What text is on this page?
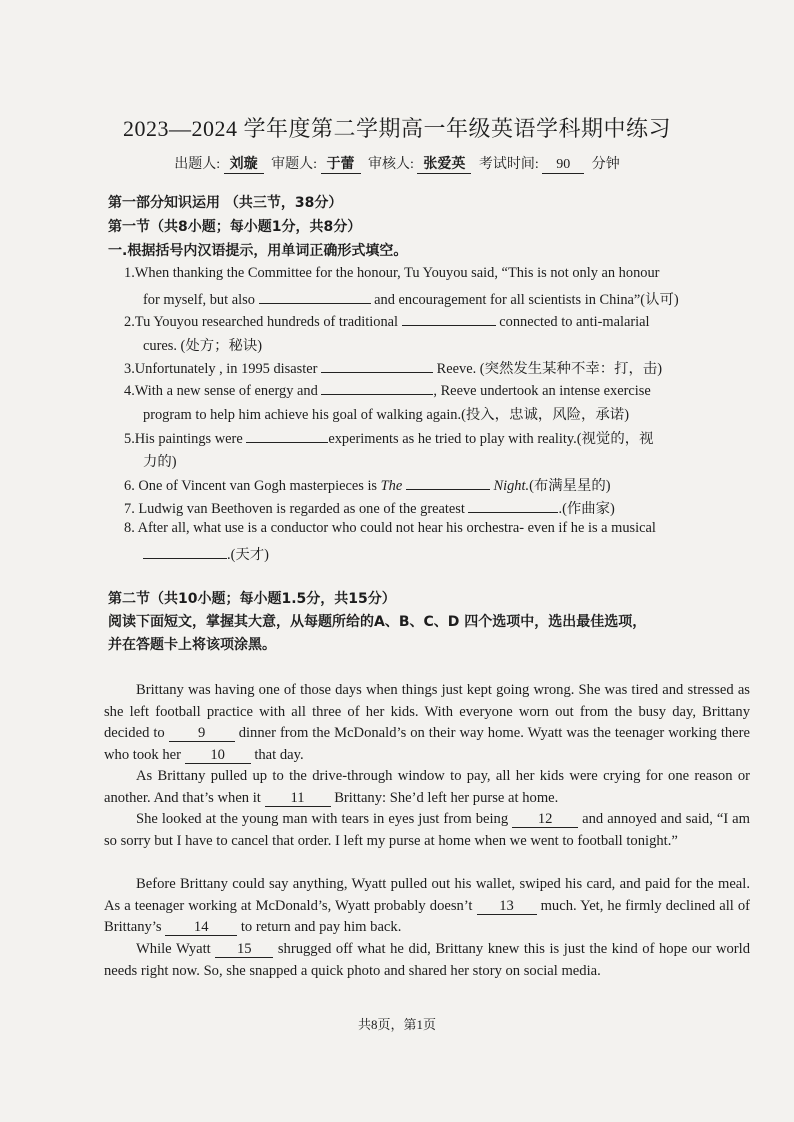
2023—2024 学年度第二学期高一年级英语学科期中练习
出题人: 刘璇 审题人: 于蕾 审核人: 张爱英 考试时间: 90 分钟
第一部分知识运用 （共三节，38分）
第一节（共8小题；每小题1分，共8分）
一.根据括号内汉语提示，用单词正确形式填空。
1.When thanking the Committee for the honour, Tu Youyou said, “This is not only an honour
for myself, but also	and encouragement for all scientists in China”(认可)
2.Tu Youyou researched hundreds of traditional	connected to anti-malarial
cures. (处方；秘诀)
3.Unfortunately , in 1995 disaster	Reeve. (突然发生某种不幸：打，击)
4.With a new sense of energy and	, Reeve undertook an intense exercise
program to help him achieve his goal of walking again.(投入，忠诚，风险，承诺)
5.His paintings were	experiments as he tried to play with reality.(视觉的，视
力的)
6. One of Vincent van Gogh masterpieces is The	Night.(布满星星的)
7. Ludwig van Beethoven is regarded as one of the greatest	.(作曲家)
8. After all, what use is a conductor who could not hear his orchestra- even if he is a musical
.(天才)
第二节（共10小题；每小题1.5分，共15分）
阅读下面短文，掌握其大意，从每题所给的A、B、C、D 四个选项中，选出最佳选项，
并在答题卡上将该项涂黑。
Brittany was having one of those days when things just kept going wrong. She was tired and stressed as she left football practice with all three of her kids. With everyone worn out from the busy day, Brittany decided to 9 dinner from the McDonald’s on their way home. Wyatt was the teenager working there who took her 10 that day.
As Brittany pulled up to the drive-through window to pay, all her kids were crying for one reason or another. And that’s when it 11 Brittany: She’d left her purse at home.
She looked at the young man with tears in eyes just from being 12 and annoyed and said, “I am so sorry but I have to cancel that order. I left my purse at home when we went to football tonight.”
Before Brittany could say anything, Wyatt pulled out his wallet, swiped his card, and paid for the meal. As a teenager working at McDonald’s, Wyatt probably doesn’t 13 much. Yet, he firmly declined all of Brittany’s 14 to return and pay him back.
While Wyatt 15 shrugged off what he did, Brittany knew this is just the kind of hope our world needs right now. So, she snapped a quick photo and shared her story on social media.
共8页，第1页
